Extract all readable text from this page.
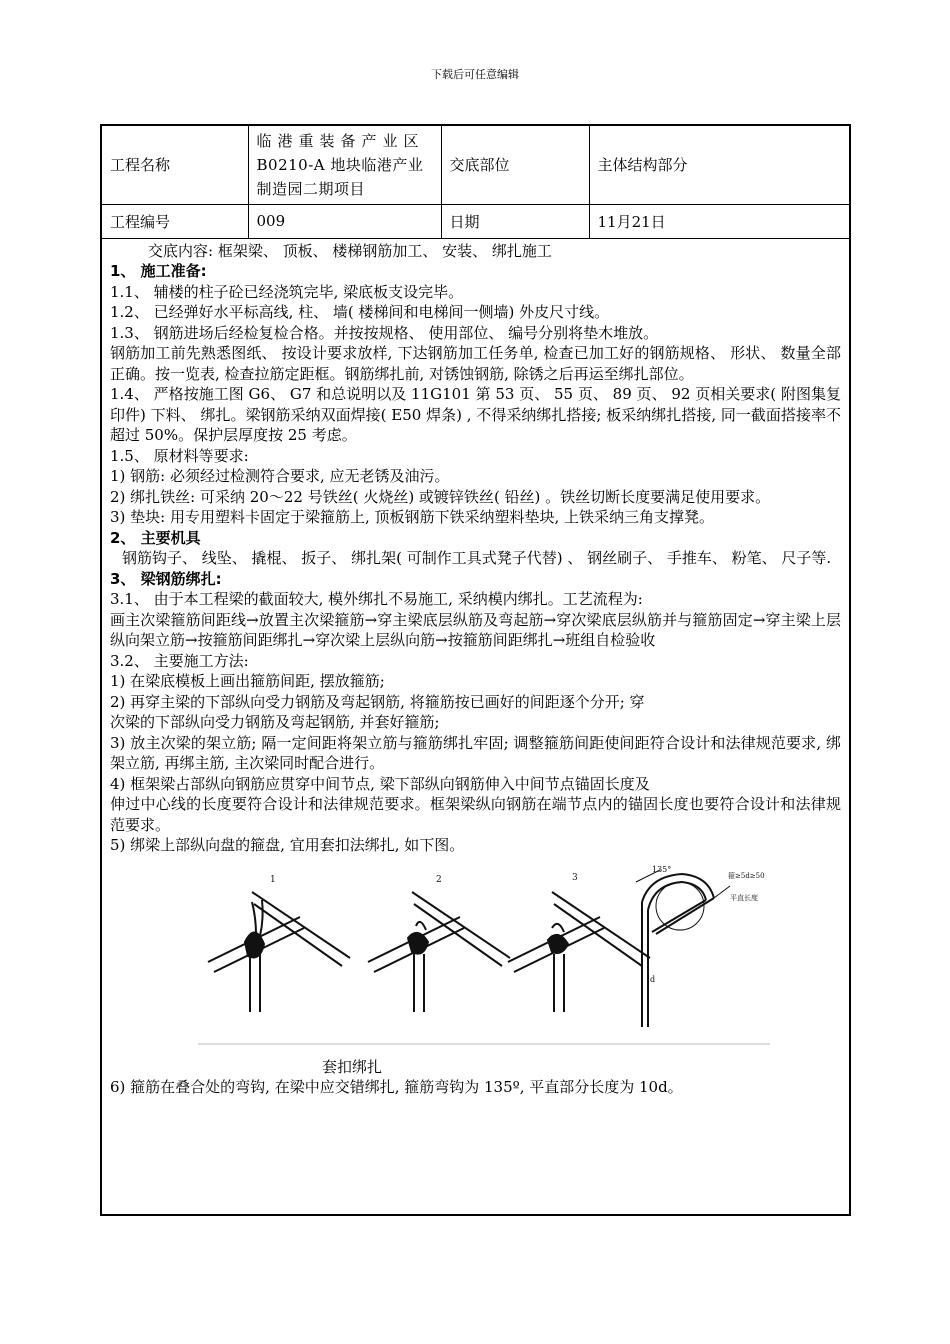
下载后可任意编辑
工程名称	临港重装备产业区
B0210-A 地块临港产业
制造园二期项目	交底部位	主体结构部分
工程编号	009	日期	11月21日

交底内容: 框架梁、 顶板、 楼梯钢筋加工、 安装、 绑扎施工

1、 施工准备:

1.1、 辅楼的柱子砼已经浇筑完毕, 梁底板支设完毕。

1.2、 已经弹好水平标高线, 柱、 墙( 楼梯间和电梯间一侧墙) 外皮尺寸线。

1.3、 钢筋进场后经检复检合格。并按按规格、 使用部位、 编号分别将垫木堆放。

钢筋加工前先熟悉图纸、 按设计要求放样, 下达钢筋加工任务单, 检查已加工好的钢筋规格、 形状、 数量全部正确。按一览表, 检查拉筋定距框。钢筋绑扎前, 对锈蚀钢筋, 除锈之后再运至绑扎部位。

1.4、 严格按施工图 G6、 G7 和总说明以及 11G101 第 53 页、 55 页、 89 页、 92 页相关要求( 附图集复印件) 下料、 绑扎。梁钢筋采纳双面焊接( E50 焊条) , 不得采纳绑扎搭接; 板采纳绑扎搭接, 同一截面搭接率不超过 50%。保护层厚度按 25 考虑。

1.5、 原材料等要求:

1) 钢筋: 必须经过检测符合要求, 应无老锈及油污。

2) 绑扎铁丝: 可采纳 20～22 号铁丝( 火烧丝) 或镀锌铁丝( 铅丝) 。铁丝切断长度要满足使用要求。

3) 垫块: 用专用塑料卡固定于梁箍筋上, 顶板钢筋下铁采纳塑料垫块, 上铁采纳三角支撑凳。

2、 主要机具

钢筋钩子、 线坠、 撬棍、 扳子、 绑扎架( 可制作工具式凳子代替) 、 钢丝刷子、 手推车、 粉笔、 尺子等.

3、 梁钢筋绑扎:

3.1、 由于本工程梁的截面较大, 模外绑扎不易施工, 采纳模内绑扎。工艺流程为:

画主次梁箍筋间距线→放置主次梁箍筋→穿主梁底层纵筋及弯起筋→穿次梁底层纵筋并与箍筋固定→穿主梁上层纵向架立筋→按箍筋间距绑扎→穿次梁上层纵向筋→按箍筋间距绑扎→班组自检验收

3.2、 主要施工方法:

1) 在梁底模板上画出箍筋间距, 摆放箍筋;

2) 再穿主梁的下部纵向受力钢筋及弯起钢筋, 将箍筋按已画好的间距逐个分开; 穿

次梁的下部纵向受力钢筋及弯起钢筋, 并套好箍筋;

3) 放主次梁的架立筋; 隔一定间距将架立筋与箍筋绑扎牢固; 调整箍筋间距使间距符合设计和法律规范要求, 绑架立筋, 再绑主筋, 主次梁同时配合进行。

4) 框架梁占部纵向钢筋应贯穿中间节点, 梁下部纵向钢筋伸入中间节点锚固长度及

伸过中心线的长度要符合设计和法律规范要求。框架梁纵向钢筋在端节点内的锚固长度也要符合设计和法律规范要求。

5) 绑梁上部纵向盘的箍盘, 宜用套扣法绑扎, 如下图。

1	2	3
135°
箍≥5d≥50
平直长度
d

套扣绑扎

6) 箍筋在叠合处的弯钩, 在梁中应交错绑扎, 箍筋弯钩为 135º, 平直部分长度为 10d。
